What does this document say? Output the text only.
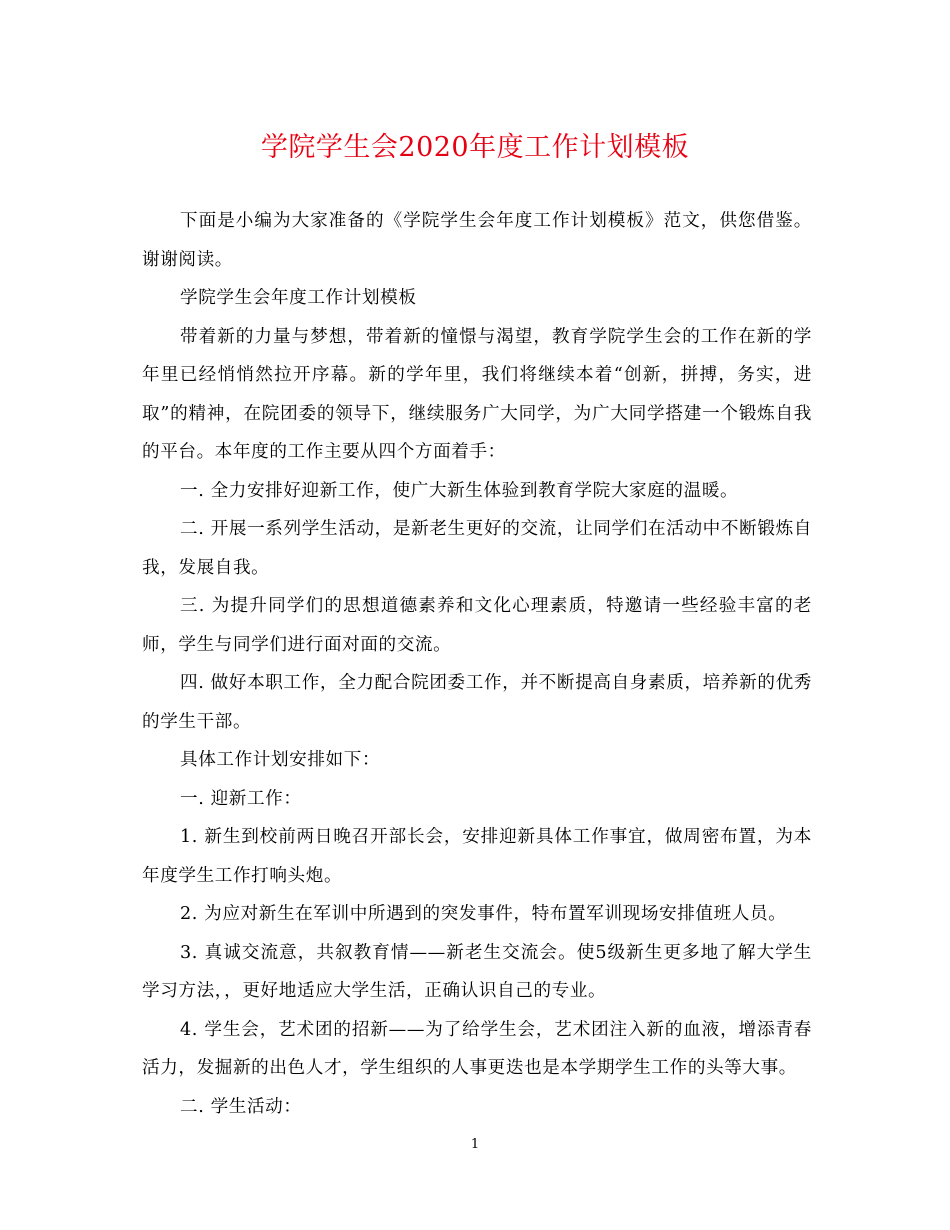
学院学生会2020年度工作计划模板

下面是小编为大家准备的《学院学生会年度工作计划模板》范文，供您借鉴。谢谢阅读。

学院学生会年度工作计划模板

带着新的力量与梦想，带着新的憧憬与渴望，教育学院学生会的工作在新的学年里已经悄悄然拉开序幕。新的学年里，我们将继续本着“创新，拼搏，务实，进取”的精神，在院团委的领导下，继续服务广大同学，为广大同学搭建一个锻炼自我的平台。本年度的工作主要从四个方面着手：

一. 全力安排好迎新工作，使广大新生体验到教育学院大家庭的温暖。

二. 开展一系列学生活动，是新老生更好的交流，让同学们在活动中不断锻炼自我，发展自我。

三. 为提升同学们的思想道德素养和文化心理素质，特邀请一些经验丰富的老师，学生与同学们进行面对面的交流。

四. 做好本职工作，全力配合院团委工作，并不断提高自身素质，培养新的优秀的学生干部。

具体工作计划安排如下：

一. 迎新工作：

1. 新生到校前两日晚召开部长会，安排迎新具体工作事宜，做周密布置，为本年度学生工作打响头炮。

2. 为应对新生在军训中所遇到的突发事件，特布置军训现场安排值班人员。

3. 真诚交流意，共叙教育情——新老生交流会。使5级新生更多地了解大学生学习方法，，更好地适应大学生活，正确认识自己的专业。

4. 学生会，艺术团的招新——为了给学生会，艺术团注入新的血液，增添青春活力，发掘新的出色人才，学生组织的人事更迭也是本学期学生工作的头等大事。

二. 学生活动：

1
